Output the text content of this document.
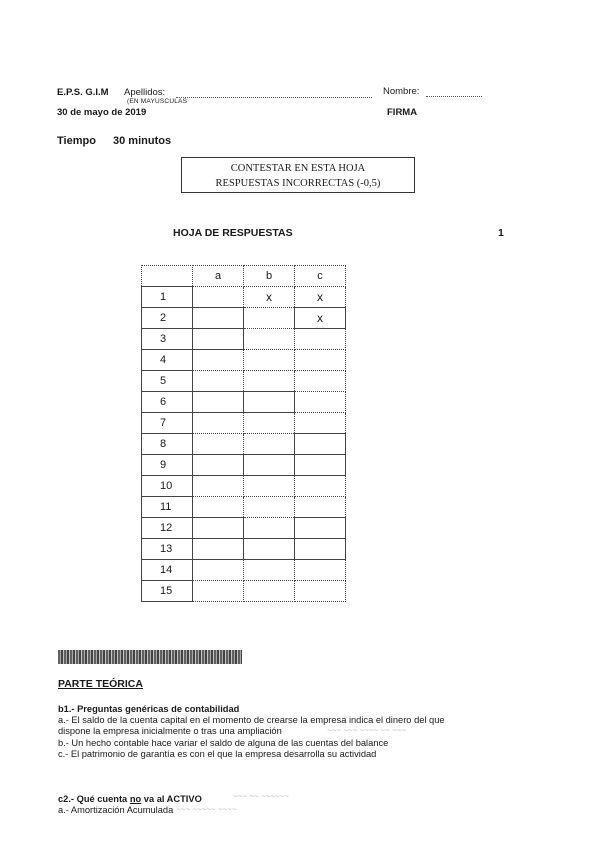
E.P.S. G.I.M Apellidos:	Nombre:
(EN MAYUSCULAS
30 de mayo de 2019	FIRMA
Tiempo 30 minutos
CONTESTAR EN ESTA HOJA
RESPUESTAS INCORRECTAS (-0,5)
HOJA DE RESPUESTAS	1
	a	b	c
1		x	x
2			x
3			
4			
5			
6			
7			
8			
9			
10			
11			
12			
13			
14			
15			
PARTE TEÓRICA
b1.- Preguntas genéricas de contabilidad
a.- El saldo de la cuenta capital en el momento de crearse la empresa indica el dinero del que
dispone la empresa inicialmente o tras una ampliación	~~~ ~~~ ~~~~ ~~ ~~~
b.- Un hecho contable hace variar el saldo de alguna de las cuentas del balance
c.- El patrimonio de garantía es con el que la empresa desarrolla su actividad
c2.- Qué cuenta no va al ACTIVO	~~~ ~~ ~~~~~~
a.- Amortización Acumulada ~~~ ~~~~~ ~~~~
